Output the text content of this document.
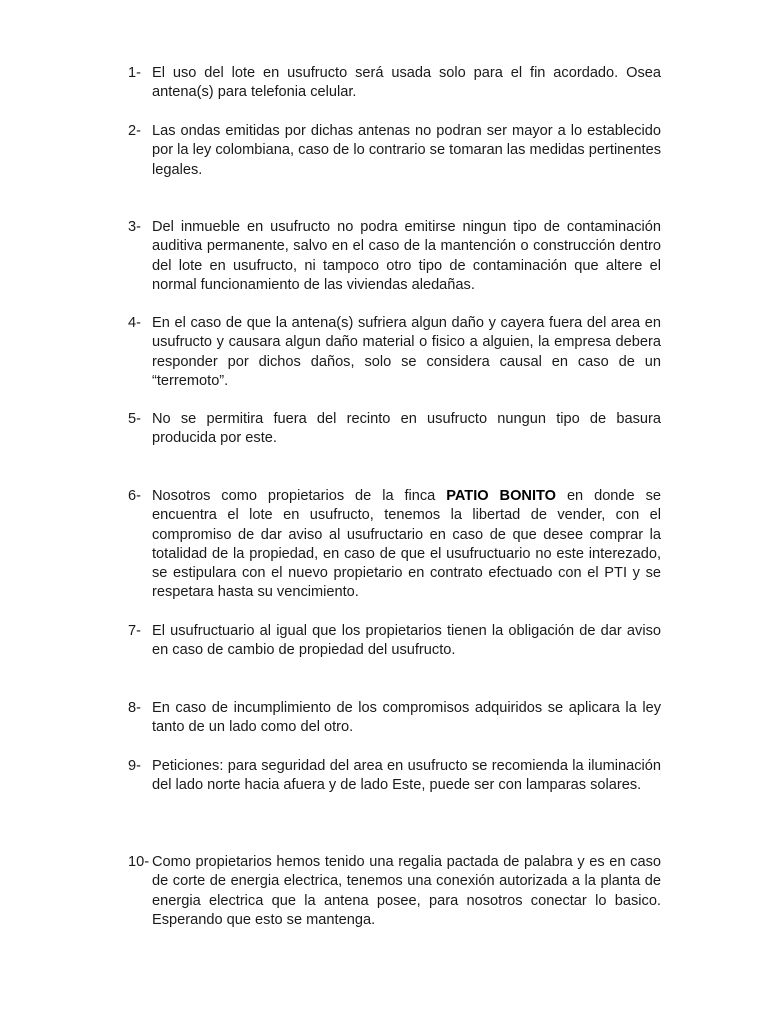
1- El uso del lote en usufructo será usada solo para el fin acordado. Osea antena(s) para telefonia celular.
2- Las ondas emitidas por dichas antenas no podran ser mayor a lo establecido por la ley colombiana, caso de lo contrario se tomaran las medidas pertinentes legales.
3- Del inmueble en usufructo no podra emitirse ningun tipo de contaminación auditiva permanente, salvo en el caso de la mantención o construcción dentro del lote en usufructo, ni tampoco otro tipo de contaminación que altere el normal funcionamiento de las viviendas aledañas.
4- En el caso de que la antena(s) sufriera algun daño y cayera fuera del area en usufructo y causara algun daño material o fisico a alguien, la empresa debera responder por dichos daños, solo se considera causal en caso de un “terremoto”.
5- No se permitira fuera del recinto en usufructo nungun tipo de basura producida por este.
6- Nosotros como propietarios de la finca PATIO BONITO en donde se encuentra el lote en usufructo, tenemos la libertad de vender, con el compromiso de dar aviso al usufructario en caso de que desee comprar la totalidad de la propiedad, en caso de que el usufructuario no este interezado, se estipulara con el nuevo propietario en contrato efectuado con el PTI y se respetara hasta su vencimiento.
7- El usufructuario al igual que los propietarios tienen la obligación de dar aviso en caso de cambio de propiedad del usufructo.
8- En caso de incumplimiento de los compromisos adquiridos se aplicara la ley tanto de un lado como del otro.
9- Peticiones: para seguridad del area en usufructo se recomienda la iluminación del lado norte hacia afuera y de lado Este, puede ser con lamparas solares.
10- Como propietarios hemos tenido una regalia pactada de palabra y es en caso de corte de energia electrica, tenemos una conexión autorizada a la planta de energia electrica que la antena posee, para nosotros conectar lo basico. Esperando que esto se mantenga.
